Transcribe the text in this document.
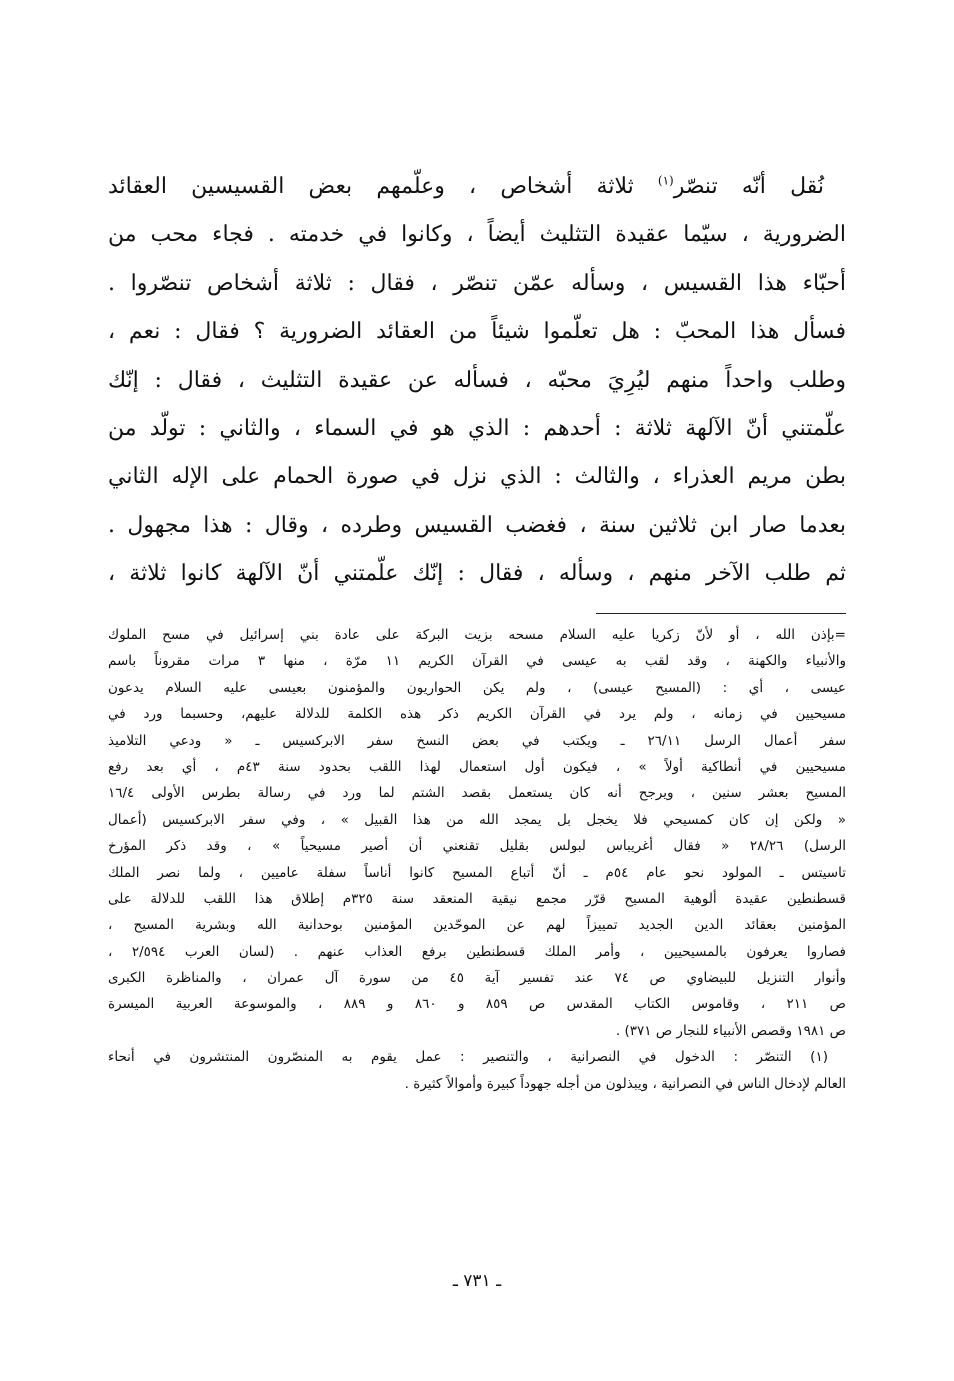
نُقل أنّه تنصّر$^{(١)}$ ثلاثة أشخاص ، وعلّمهم بعض القسيسين العقائد
الضرورية ، سيّما عقيدة التثليث أيضاً ، وكانوا في خدمته . فجاء محب من
أحبّاء هذا القسيس ، وسأله عمّن تنصّر ، فقال : ثلاثة أشخاص تنصّروا .
فسأل هذا المحبّ : هل تعلّموا شيئاً من العقائد الضرورية ؟ فقال : نعم ،
وطلب واحداً منهم ليُرِيَ محبّه ، فسأله عن عقيدة التثليث ، فقال : إنّك
علّمتني أنّ الآلهة ثلاثة : أحدهم : الذي هو في السماء ، والثاني : تولّد من
بطن مريم العذراء ، والثالث : الذي نزل في صورة الحمام على الإله الثاني
بعدما صار ابن ثلاثين سنة ، فغضب القسيس وطرده ، وقال : هذا مجهول .
ثم طلب الآخر منهم ، وسأله ، فقال : إنّك علّمتني أنّ الآلهة كانوا ثلاثة ،
=بإذن الله ، أو لأنّ زكريا عليه السلام مسحه بزيت البركة على عادة بني إسرائيل في مسح الملوك
والأنبياء والكهنة ، وقد لقب به عيسى في القرآن الكريم ١١ مرّة ، منها ٣ مرات مقروناً باسم
عيسى ، أي : (المسيح عيسى) ، ولم يكن الحواريون والمؤمنون بعيسى عليه السلام يدعون
مسيحيين في زمانه ، ولم يرد في القرآن الكريم ذكر هذه الكلمة للدلالة عليهم، وحسبما ورد في
سفر أعمال الرسل ٢٦/١١ ـ ويكتب في بعض النسخ سفر الابركسيس ـ « ودعي التلاميذ
مسيحيين في أنطاكية أولاً » ، فيكون أول استعمال لهذا اللقب بحدود سنة ٤٣م ، أي بعد رفع
المسيح بعشر سنين ، ويرجح أنه كان يستعمل بقصد الشتم لما ورد في رسالة بطرس الأولى ١٦/٤
« ولكن إن كان كمسيحي فلا يخجل بل يمجد الله من هذا القبيل » ، وفي سفر الابركسيس (أعمال
الرسل) ٢٨/٢٦ « فقال أغريباس لبولس بقليل تقنعني أن أصير مسيحياً » ، وقد ذكر المؤرخ
تاسيتس ـ المولود نحو عام ٥٤م ـ أنّ أتباع المسيح كانوا أناساً سفلة عاميين ، ولما نصر الملك
قسطنطين عقيدة ألوهية المسيح قرّر مجمع نيقية المنعقد سنة ٣٢٥م إطلاق هذا اللقب للدلالة على
المؤمنين بعقائد الدين الجديد تمييزاً لهم عن الموحّدين المؤمنين بوحدانية الله وبشرية المسيح ،
فصاروا يعرفون بالمسيحيين ، وأمر الملك قسطنطين برفع العذاب عنهم . (لسان العرب ٢/٥٩٤ ،
وأنوار التنزيل للبيضاوي ص ٧٤ عند تفسير آية ٤٥ من سورة آل عمران ، والمناظرة الكبرى
ص ٢١١ ، وقاموس الكتاب المقدس ص ٨٥٩ و ٨٦٠ و ٨٨٩ ، والموسوعة العربية الميسرة
ص ١٩٨١ وقصص الأنبياء للنجار ص ٣٧١) .
(١) التنصّر : الدخول في النصرانية ، والتنصير : عمل يقوم به المنصّرون المنتشرون في أنحاء
العالم لإدخال الناس في النصرانية ، ويبذلون من أجله جهوداً كبيرة وأموالاً كثيرة .
ـ ٧٣١ ـ
